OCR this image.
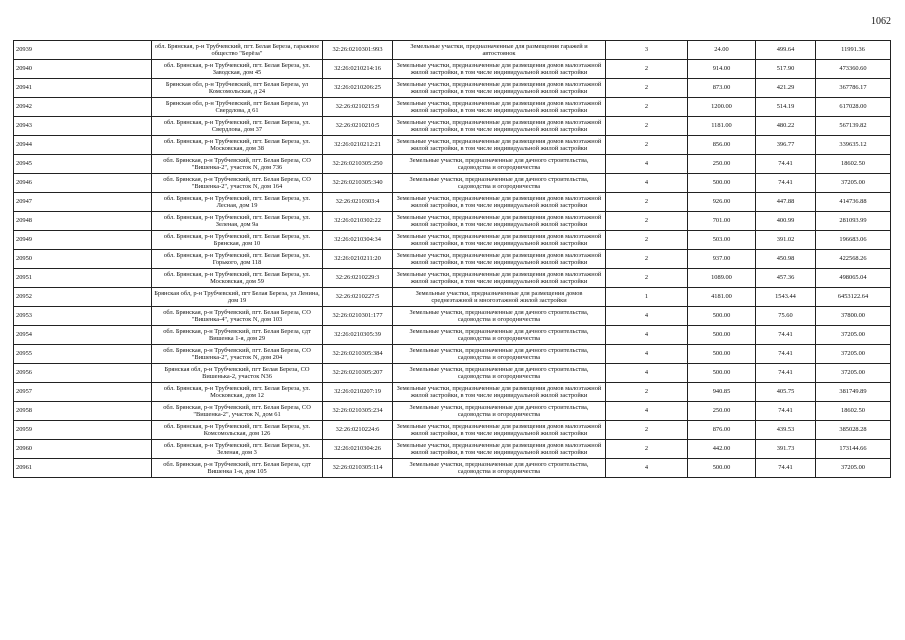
1062
20939	обл. Брянская, р-н Трубчевский, пгт. Белая Береза, гаражное общество "Берёза"	32:26:0210301:993	Земельные участки, предназначенные для размещения гаражей и автостоянок	3	24.00	499.64	11991.36
20940	обл. Брянская, р-н Трубчевский, пгт. Белая Береза, ул. Заводская, дом 45	32:26:0210214:16	Земельные участки, предназначенные для размещения домов малоэтажной жилой застройки, в том числе индивидуальной жилой застройки	2	914.00	517.90	473360.60
20941	Брянская обл, р-н Трубчевский, пгт Белая Береза, ул Комсомольская, д 24	32:26:0210206:25	Земельные участки, предназначенные для размещения домов малоэтажной жилой застройки, в том числе индивидуальной жилой застройки	2	873.00	421.29	367786.17
20942	Брянская обл, р-н Трубчевский, пгт Белая Береза, ул Свердлова, д 61	32:26:0210215:9	Земельные участки, предназначенные для размещения домов малоэтажной жилой застройки, в том числе индивидуальной жилой застройки	2	1200.00	514.19	617028.00
20943	обл. Брянская, р-н Трубчевский, пгт. Белая Береза, ул. Свердлова, дом 37	32:26:0210210:5	Земельные участки, предназначенные для размещения домов малоэтажной жилой застройки, в том числе индивидуальной жилой застройки	2	1181.00	480.22	567139.82
20944	обл. Брянская, р-н Трубчевский, пгт. Белая Береза, ул. Московская, дом 38	32:26:0210212:21	Земельные участки, предназначенные для размещения домов малоэтажной жилой застройки, в том числе индивидуальной жилой застройки	2	856.00	396.77	339635.12
20945	обл. Брянская, р-н Трубчевский, пгт. Белая Береза, СО "Вишенка-2", участок N, дом 736	32:26:0210305:250	Земельные участки, предназначенные для дачного строительства, садоводства и огородничества	4	250.00	74.41	18602.50
20946	обл. Брянская, р-н Трубчевский, пгт. Белая Береза, СО "Вишенка-2", участок N, дом 164	32:26:0210305:340	Земельные участки, предназначенные для дачного строительства, садоводства и огородничества	4	500.00	74.41	37205.00
20947	обл. Брянская, р-н Трубчевский, пгт. Белая Береза, ул. Лесная, дом 19	32:26:0210303:4	Земельные участки, предназначенные для размещения домов малоэтажной жилой застройки, в том числе индивидуальной жилой застройки	2	926.00	447.88	414736.88
20948	обл. Брянская, р-н Трубчевский, пгт. Белая Береза, ул. Зеленая, дом 9а	32:26:0210302:22	Земельные участки, предназначенные для размещения домов малоэтажной жилой застройки, в том числе индивидуальной жилой застройки	2	701.00	400.99	281093.99
20949	обл. Брянская, р-н Трубчевский, пгт. Белая Береза, ул. Брянская, дом 10	32:26:0210304:34	Земельные участки, предназначенные для размещения домов малоэтажной жилой застройки, в том числе индивидуальной жилой застройки	2	503.00	391.02	196683.06
20950	обл. Брянская, р-н Трубчевский, пгт. Белая Береза, ул. Горького, дом 118	32:26:0210211:20	Земельные участки, предназначенные для размещения домов малоэтажной жилой застройки, в том числе индивидуальной жилой застройки	2	937.00	450.98	422568.26
20951	обл. Брянская, р-н Трубчевский, пгт. Белая Береза, ул. Московская, дом 59	32:26:0210229:3	Земельные участки, предназначенные для размещения домов малоэтажной жилой застройки, в том числе индивидуальной жилой застройки	2	1089.00	457.36	498065.04
20952	Брянская обл, р-н Трубчевский, пгт Белая Береза, ул Ленина, дом 19	32:26:0210227:5	Земельные участки, предназначенные для размещения домов среднеэтажной и многоэтажной жилой застройки	1	4181.00	1543.44	6453122.64
20953	обл. Брянская, р-н Трубчевский, пгт. Белая Береза, СО "Вишенка-4", участок N, дом 103	32:26:0210301:177	Земельные участки, предназначенные для дачного строительства, садоводства и огородничества	4	500.00	75.60	37800.00
20954	обл. Брянская, р-н Трубчевский, пгт. Белая Береза, сдт Вишенка 1-я, дом 29	32:26:0210305:39	Земельные участки, предназначенные для дачного строительства, садоводства и огородничества	4	500.00	74.41	37205.00
20955	обл. Брянская, р-н Трубчевский, пгт. Белая Береза, СО "Вишенка-2", участок N, дом 204	32:26:0210305:384	Земельные участки, предназначенные для дачного строительства, садоводства и огородничества	4	500.00	74.41	37205.00
20956	Брянская обл, р-н Трубчевский, пгт Белая Береза, СО Вишенька-2, участок N36	32:26:0210305:207	Земельные участки, предназначенные для дачного строительства, садоводства и огородничества	4	500.00	74.41	37205.00
20957	обл. Брянская, р-н Трубчевский, пгт. Белая Береза, ул. Московская, дом 12	32:26:0210207:19	Земельные участки, предназначенные для размещения домов малоэтажной жилой застройки, в том числе индивидуальной жилой застройки	2	940.85	405.75	381749.89
20958	обл. Брянская, р-н Трубчевский, пгт. Белая Береза, СО "Вишенка-2", участок N, дом 61	32:26:0210305:234	Земельные участки, предназначенные для дачного строительства, садоводства и огородничества	4	250.00	74.41	18602.50
20959	обл. Брянская, р-н Трубчевский, пгт. Белая Береза, ул. Комсомольская, дом 126	32:26:0210224:6	Земельные участки, предназначенные для размещения домов малоэтажной жилой застройки, в том числе индивидуальной жилой застройки	2	876.00	439.53	385028.28
20960	обл. Брянская, р-н Трубчевский, пгт. Белая Береза, ул. Зеленая, дом 3	32:26:0210304:26	Земельные участки, предназначенные для размещения домов малоэтажной жилой застройки, в том числе индивидуальной жилой застройки	2	442.00	391.73	173144.66
20961	обл. Брянская, р-н Трубчевский, пгт. Белая Береза, сдт Вишенка 1-я, дом 105	32:26:0210305:114	Земельные участки, предназначенные для дачного строительства, садоводства и огородничества	4	500.00	74.41	37205.00
